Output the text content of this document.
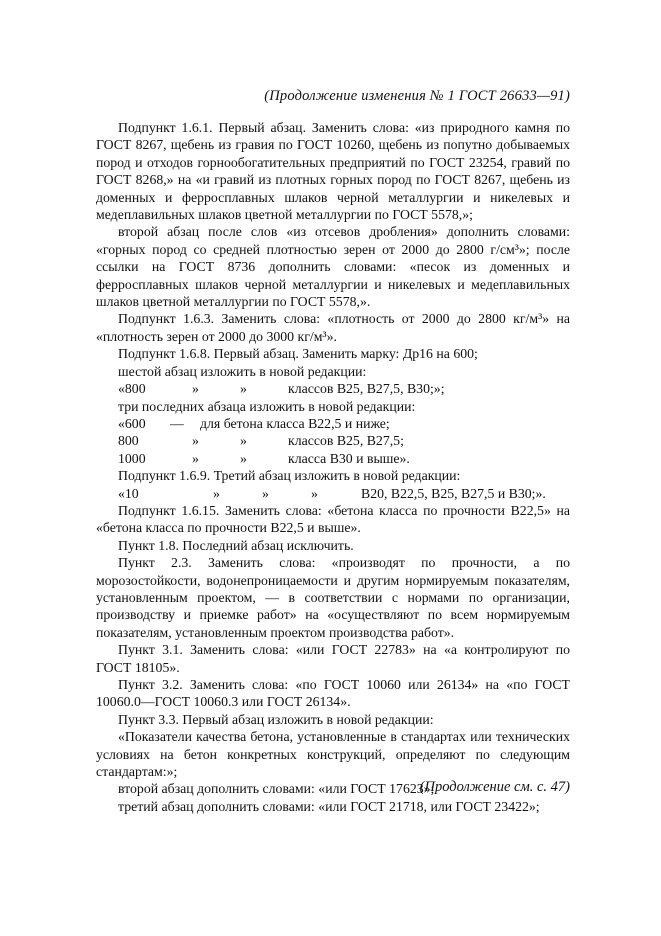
(Продолжение изменения № 1 ГОСТ 26633—91)

Подпункт 1.6.1. Первый абзац. Заменить слова: «из природного камня по ГОСТ 8267, щебень из гравия по ГОСТ 10260, щебень из попутно добываемых пород и отходов горнообогатительных предприятий по ГОСТ 23254, гравий по ГОСТ 8268,» на «и гравий из плотных горных пород по ГОСТ 8267, щебень из доменных и ферросплавных шлаков черной металлургии и никелевых и медеплавильных шлаков цветной металлургии по ГОСТ 5578,»;

второй абзац после слов «из отсевов дробления» дополнить словами: «горных пород со средней плотностью зерен от 2000 до 2800 г/см³»; после ссылки на ГОСТ 8736 дополнить словами: «песок из доменных и ферросплавных шлаков черной металлургии и никелевых и медеплавильных шлаков цветной металлургии по ГОСТ 5578,».

Подпункт 1.6.3. Заменить слова: «плотность от 2000 до 2800 кг/м³» на «плотность зерен от 2000 до 3000 кг/м³».

Подпункт 1.6.8. Первый абзац. Заменить марку: Др16 на 600;

шестой абзац изложить в новой редакции:

«800	»	»	классов В25, В27,5, В30;»;

три последних абзаца изложить в новой редакции:

«600	—	для бетона класса В22,5 и ниже;

800	»	»	классов В25, В27,5;

1000	»	»	класса В30 и выше».

Подпункт 1.6.9. Третий абзац изложить в новой редакции:

«10	»	»	»	В20, В22,5, В25, В27,5 и В30;».

Подпункт 1.6.15. Заменить слова: «бетона класса по прочности В22,5» на «бетона класса по прочности В22,5 и выше».

Пункт 1.8. Последний абзац исключить.

Пункт 2.3. Заменить слова: «производят по прочности, а по морозостойкости, водонепроницаемости и другим нормируемым показателям, установленным проектом, — в соответствии с нормами по организации, производству и приемке работ» на «осуществляют по всем нормируемым показателям, установленным проектом производства работ».

Пункт 3.1. Заменить слова: «или ГОСТ 22783» на «а контролируют по ГОСТ 18105».

Пункт 3.2. Заменить слова: «по ГОСТ 10060 или 26134» на «по ГОСТ 10060.0—ГОСТ 10060.3 или ГОСТ 26134».

Пункт 3.3. Первый абзац изложить в новой редакции:

«Показатели качества бетона, установленные в стандартах или технических условиях на бетон конкретных конструкций, определяют по следующим стандартам:»;

второй абзац дополнить словами: «или ГОСТ 17623»;

третий абзац дополнить словами: «или ГОСТ 21718, или ГОСТ 23422»;

(Продолжение см. с. 47)
